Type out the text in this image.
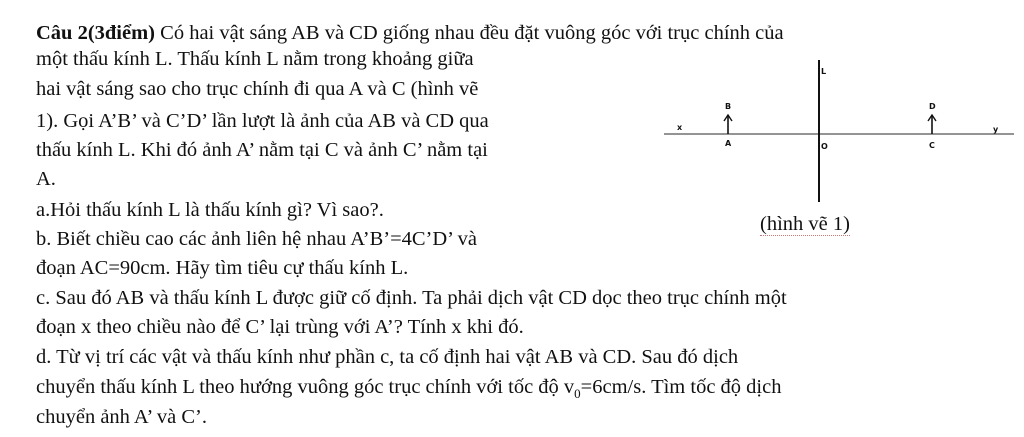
Câu 2(3điểm) Có hai vật sáng AB và CD giống nhau đều đặt vuông góc với trục chính của
một thấu kính L. Thấu kính L nằm trong khoảng giữa
hai vật sáng sao cho trục chính đi qua A và C (hình vẽ
1). Gọi A’B’ và C’D’ lần lượt là ảnh của AB và CD qua
thấu kính L. Khi đó ảnh A’ nằm tại C và ảnh C’ nằm tại
A.
a.Hỏi thấu kính L là thấu kính gì? Vì sao?.
b. Biết chiều cao các ảnh liên hệ nhau A’B’=4C’D’ và
đoạn AC=90cm. Hãy tìm tiêu cự thấu kính L.
c. Sau đó AB và thấu kính L được giữ cố định. Ta phải dịch vật CD dọc theo trục chính một
đoạn x theo chiều nào để C’ lại trùng với A’? Tính x khi đó.
d. Từ vị trí các vật và thấu kính như phần c, ta cố định hai vật AB và CD. Sau đó dịch
chuyển thấu kính L theo hướng vuông góc trục chính với tốc độ $v_0=6cm/s$. Tìm tốc độ dịch
chuyển ảnh A’ và C’.
L
x	y
B
A	O
D
C
(hình vẽ 1)
